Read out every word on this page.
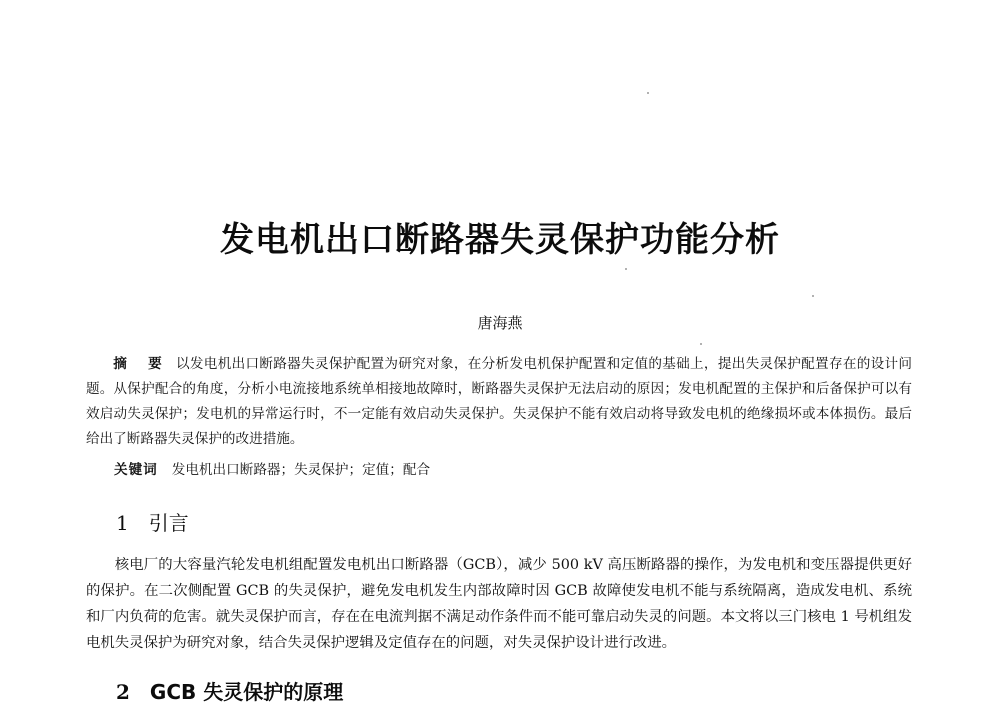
发电机出口断路器失灵保护功能分析
唐海燕
摘 要 以发电机出口断路器失灵保护配置为研究对象，在分析发电机保护配置和定值的基础上，提出失灵保护配置存在的设计问题。从保护配合的角度，分析小电流接地系统单相接地故障时，断路器失灵保护无法启动的原因；发电机配置的主保护和后备保护可以有效启动失灵保护；发电机的异常运行时，不一定能有效启动失灵保护。失灵保护不能有效启动将导致发电机的绝缘损坏或本体损伤。最后给出了断路器失灵保护的改进措施。
关键词 发电机出口断路器；失灵保护；定值；配合
1 引言
核电厂的大容量汽轮发电机组配置发电机出口断路器（GCB），减少 500 kV 高压断路器的操作，为发电机和变压器提供更好的保护。在二次侧配置 GCB 的失灵保护，避免发电机发生内部故障时因 GCB 故障使发电机不能与系统隔离，造成发电机、系统和厂内负荷的危害。就失灵保护而言，存在在电流判据不满足动作条件而不能可靠启动失灵的问题。本文将以三门核电 1 号机组发电机失灵保护为研究对象，结合失灵保护逻辑及定值存在的问题，对失灵保护设计进行改进。
2 GCB 失灵保护的原理
